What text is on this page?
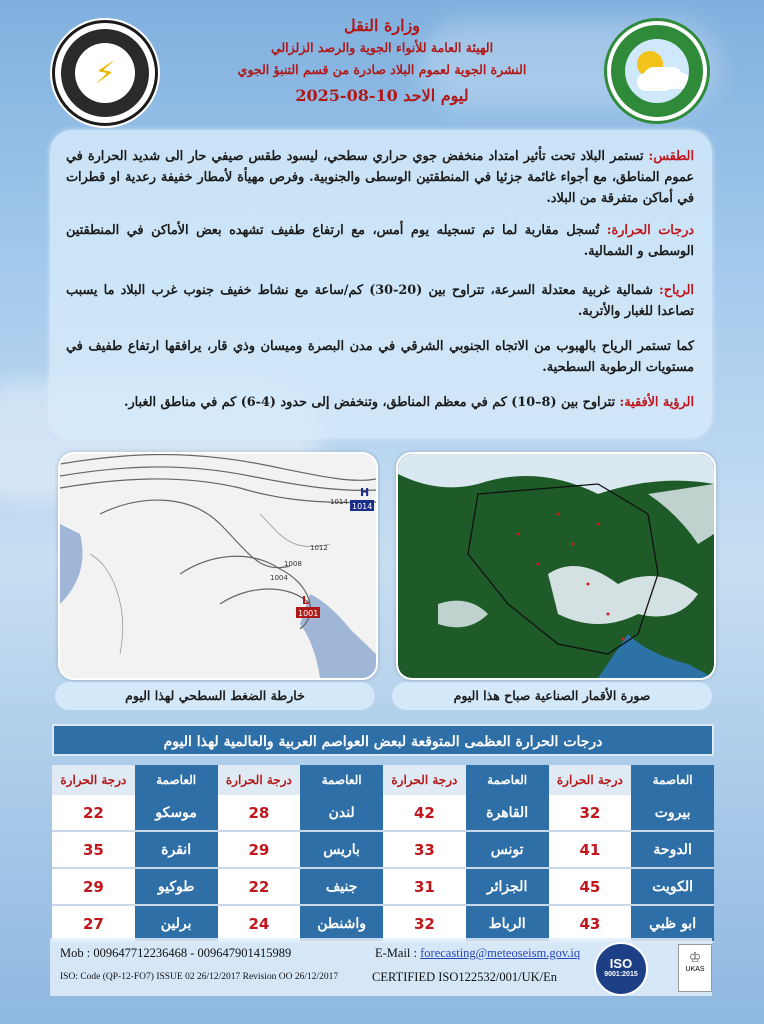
⚡
وزارة النقل
الهيئة العامة للأنواء الجوية والرصد الزلزالي
النشرة الجوية لعموم البلاد صادرة من قسم التنبؤ الجوي
ليوم الاحد 10-08-2025
الطقس: تستمر البلاد تحت تأثير امتداد منخفض جوي حراري سطحي، ليسود طقس صيفي حار الى شديد الحرارة في عموم المناطق، مع أجواء غائمة جزئيا في المنطقتين الوسطى والجنوبية. وفرص مهيأة لأمطار خفيفة رعدية او قطرات في أماكن متفرقة من البلاد.
درجات الحرارة: تُسجل مقاربة لما تم تسجيله يوم أمس، مع ارتفاع طفيف تشهده بعض الأماكن في المنطقتين الوسطى و الشمالية.
الرياح: شمالية غربية معتدلة السرعة، تتراوح بين (20-30) كم/ساعة مع نشاط خفيف جنوب غرب البلاد ما يسبب تصاعدا للغبار والأتربة.
كما تستمر الرياح بالهبوب من الاتجاه الجنوبي الشرقي في مدن البصرة وميسان وذي قار، يرافقها ارتفاع طفيف في مستويات الرطوبة السطحية.
الرؤية الأفقية: تتراوح بين (8–10) كم في معظم المناطق، وتنخفض إلى حدود (4-6) كم في مناطق الغبار.
1014
1012
1008
1004
H
1014
L
1001
خارطة الضغط السطحي لهذا اليوم	صورة الأقمار الصناعية صباح هذا اليوم
درجات الحرارة العظمى المتوقعة لبعض العواصم العربية والعالمية لهذا اليوم
العاصمة	درجة الحرارة	العاصمة	درجة الحرارة	العاصمة	درجة الحرارة	العاصمة	درجة الحرارة
بيروت	32	القاهرة	42	لندن	28	موسكو	22
الدوحة	41	تونس	33	باريس	29	انقرة	35
الكويت	45	الجزائر	31	جنيف	22	طوكيو	29
ابو ظبي	43	الرباط	32	واشنطن	24	برلين	27
Mob : 009647712236468 - 009647901415989	E-Mail : forecasting@meteoseism.gov.iq
ISO: Code (QP-12-FO7) ISSUE 02 26/12/2017 Revision OO 26/12/2017	CERTIFIED ISO122532/001/UK/En
ISO
9001:2015
♔
UKAS
